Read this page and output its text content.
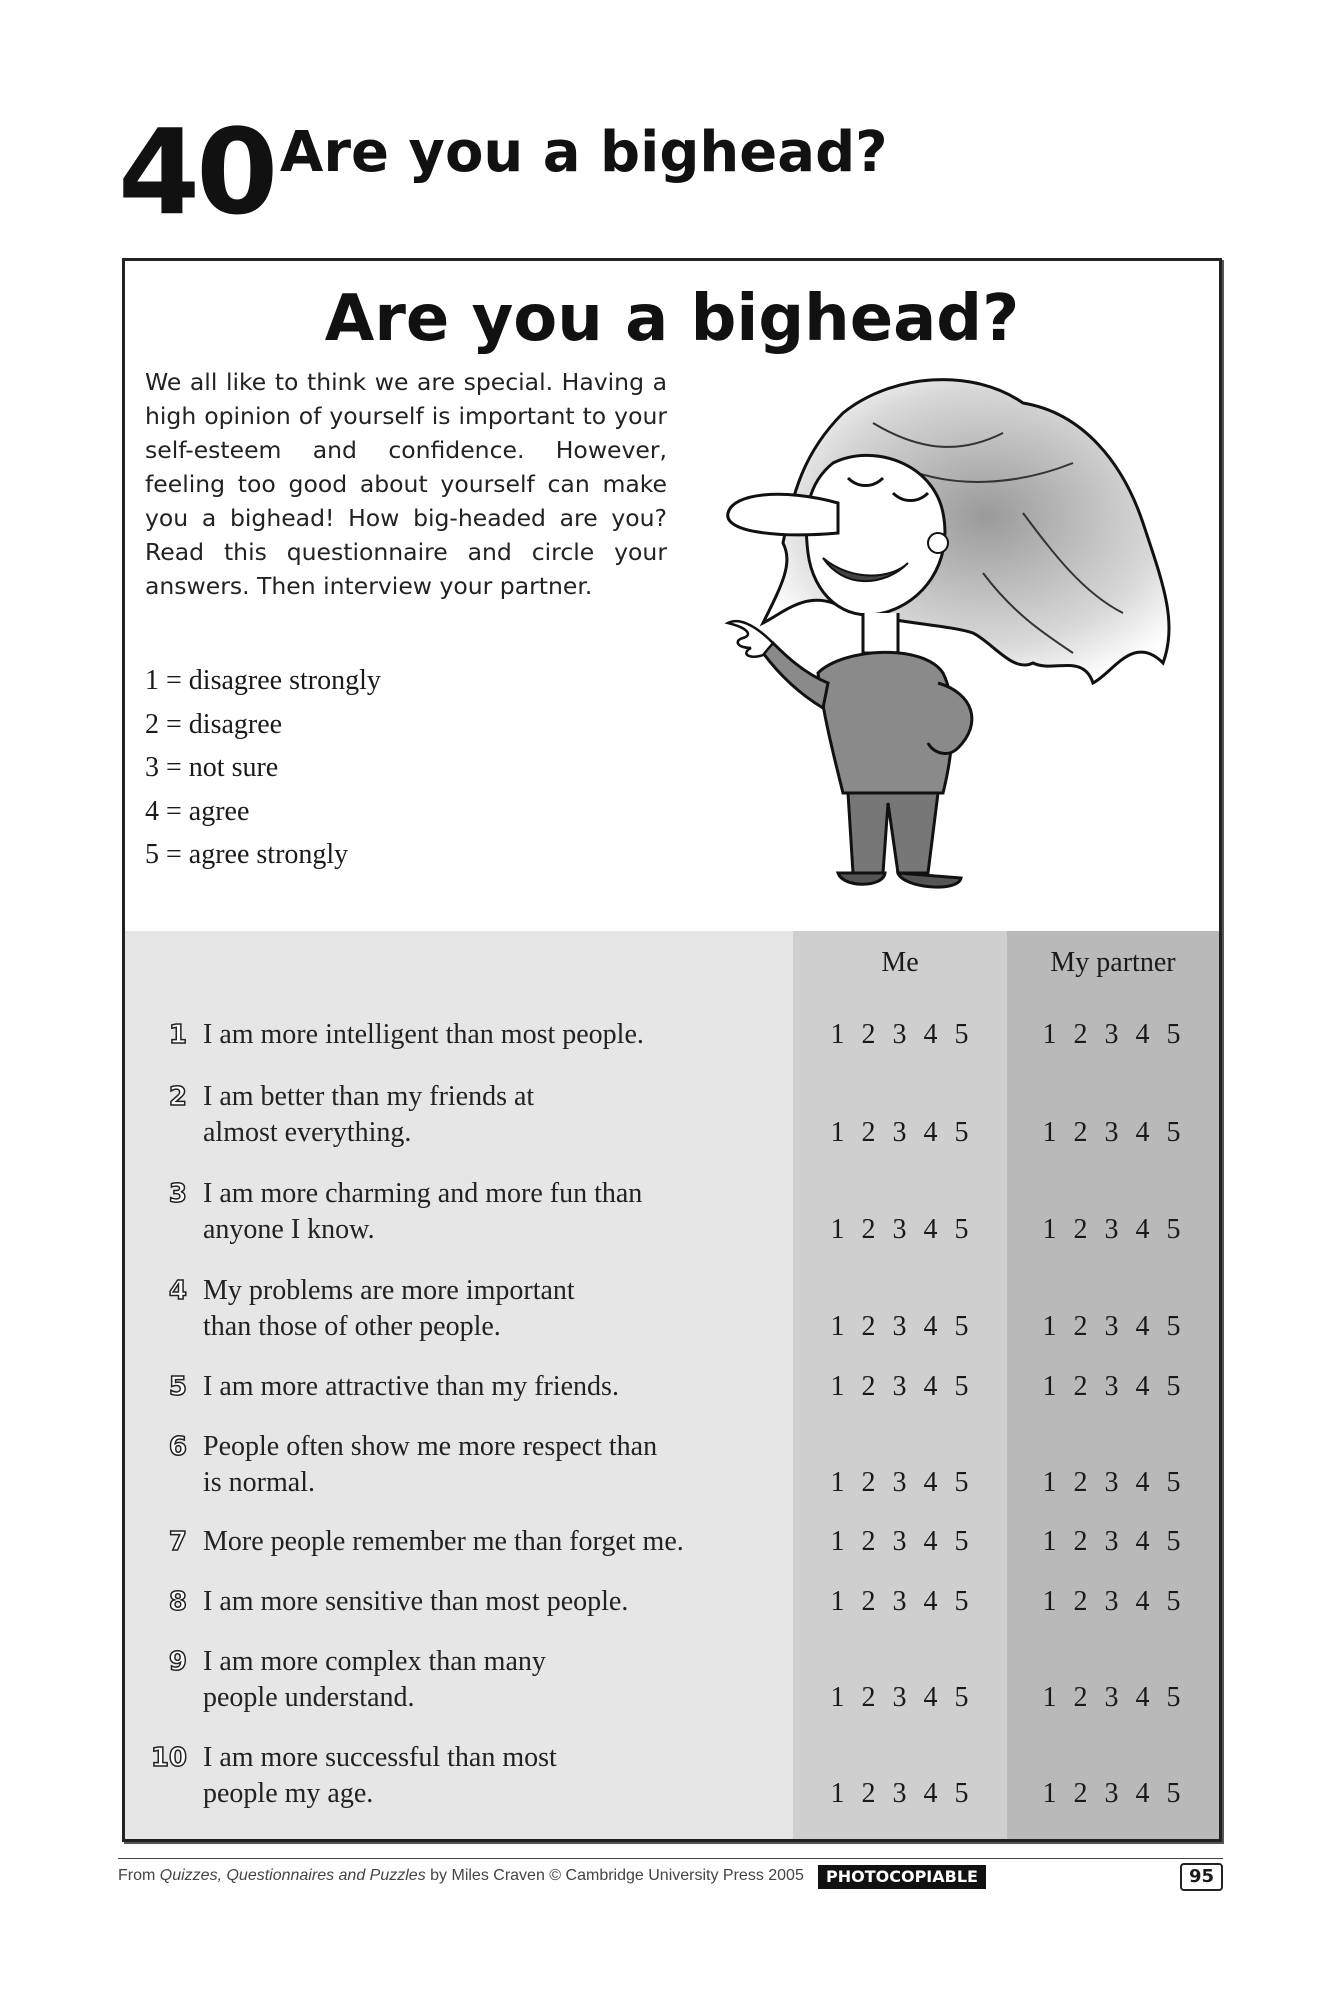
40 Are you a bighead?
Are you a bighead?

We all like to think we are special. Having a high opinion of yourself is important to your self-esteem and confidence. However, feeling too good about yourself can make you a bighead! How big-headed are you? Read this questionnaire and circle your answers. Then interview your partner.

1 = disagree strongly
2 = disagree
3 = not sure
4 = agree
5 = agree strongly
Me	My partner
1 I am more intelligent than most people.	1 2 3 4 5	1 2 3 4 5
2 I am better than my friends at
almost everything.	1 2 3 4 5	1 2 3 4 5
3 I am more charming and more fun than
anyone I know.	1 2 3 4 5	1 2 3 4 5
4 My problems are more important
than those of other people.	1 2 3 4 5	1 2 3 4 5
5 I am more attractive than my friends.	1 2 3 4 5	1 2 3 4 5
6 People often show me more respect than
is normal.	1 2 3 4 5	1 2 3 4 5
7 More people remember me than forget me.	1 2 3 4 5	1 2 3 4 5
8 I am more sensitive than most people.	1 2 3 4 5	1 2 3 4 5
9 I am more complex than many
people understand.	1 2 3 4 5	1 2 3 4 5
10 I am more successful than most
people my age.	1 2 3 4 5	1 2 3 4 5
From Quizzes, Questionnaires and Puzzles by Miles Craven © Cambridge University Press 2005	PHOTOCOPIABLE	95
